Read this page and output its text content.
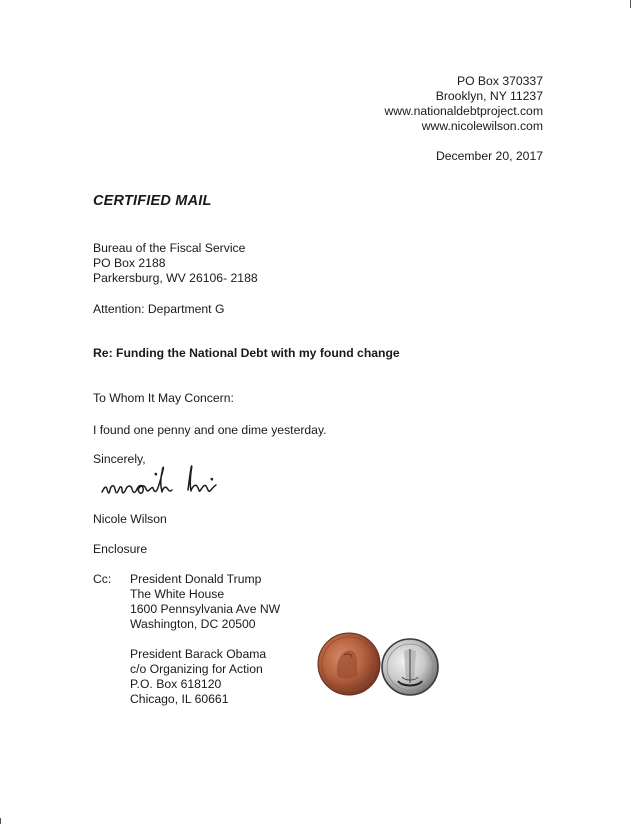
PO Box 370337
Brooklyn, NY 11237
www.nationaldebtproject.com
www.nicolewilson.com
December 20, 2017
CERTIFIED MAIL
Bureau of the Fiscal Service
PO Box 2188
Parkersburg, WV 26106- 2188
Attention: Department G
Re: Funding the National Debt with my found change
To Whom It May Concern:
I found one penny and one dime yesterday.
Sincerely,
Nicole Wilson
Enclosure
Cc: President Donald Trump
The White House
1600 Pennsylvania Ave NW
Washington, DC 20500
President Barack Obama
c/o Organizing for Action
P.O. Box 618120
Chicago, IL 60661
